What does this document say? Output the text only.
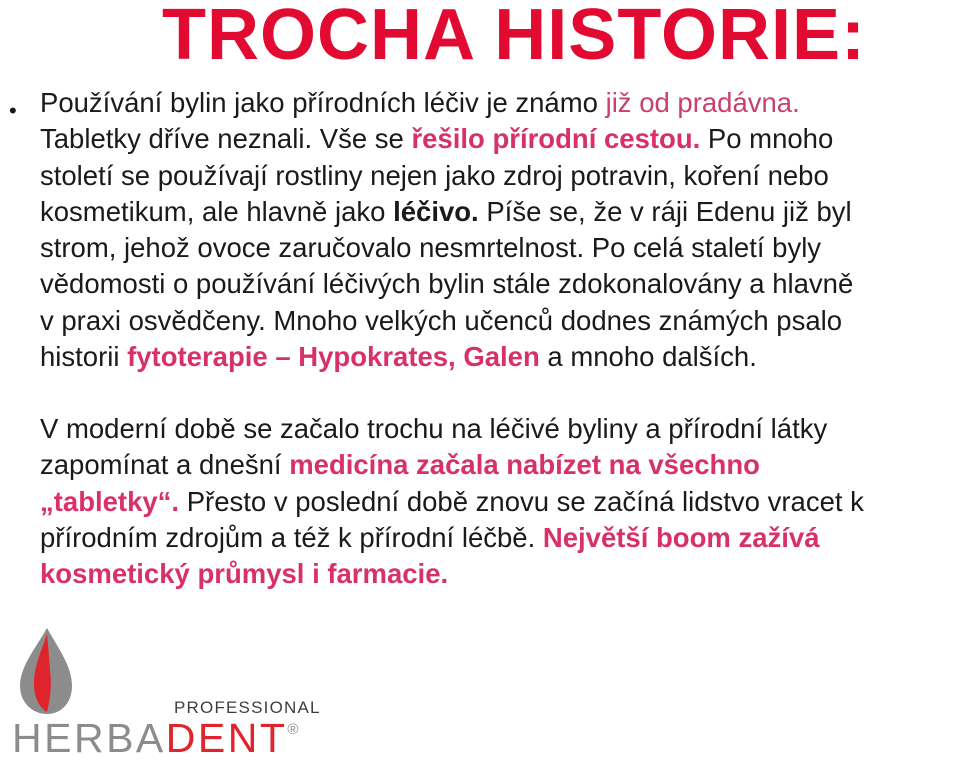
TROCHA HISTORIE:
• Používání bylin jako přírodních léčiv je známo již od pradávna.
Tabletky dříve neznali. Vše se řešilo přírodní cestou. Po mnoho
století se používají rostliny nejen jako zdroj potravin, koření nebo
kosmetikum, ale hlavně jako léčivo. Píše se, že v ráji Edenu již byl
strom, jehož ovoce zaručovalo nesmrtelnost. Po celá staletí byly
vědomosti o používání léčivých bylin stále zdokonalovány a hlavně
v praxi osvědčeny. Mnoho velkých učenců dodnes známých psalo
historii fytoterapie – Hypokrates, Galen a mnoho dalších.
V moderní době se začalo trochu na léčivé byliny a přírodní látky
zapomínat a dnešní medicína začala nabízet na všechno
„tabletky“. Přesto v poslední době znovu se začíná lidstvo vracet k
přírodním zdrojům a též k přírodní léčbě. Největší boom zažívá
kosmetický průmysl i farmacie.
PROFESSIONAL
HERBADENT®
